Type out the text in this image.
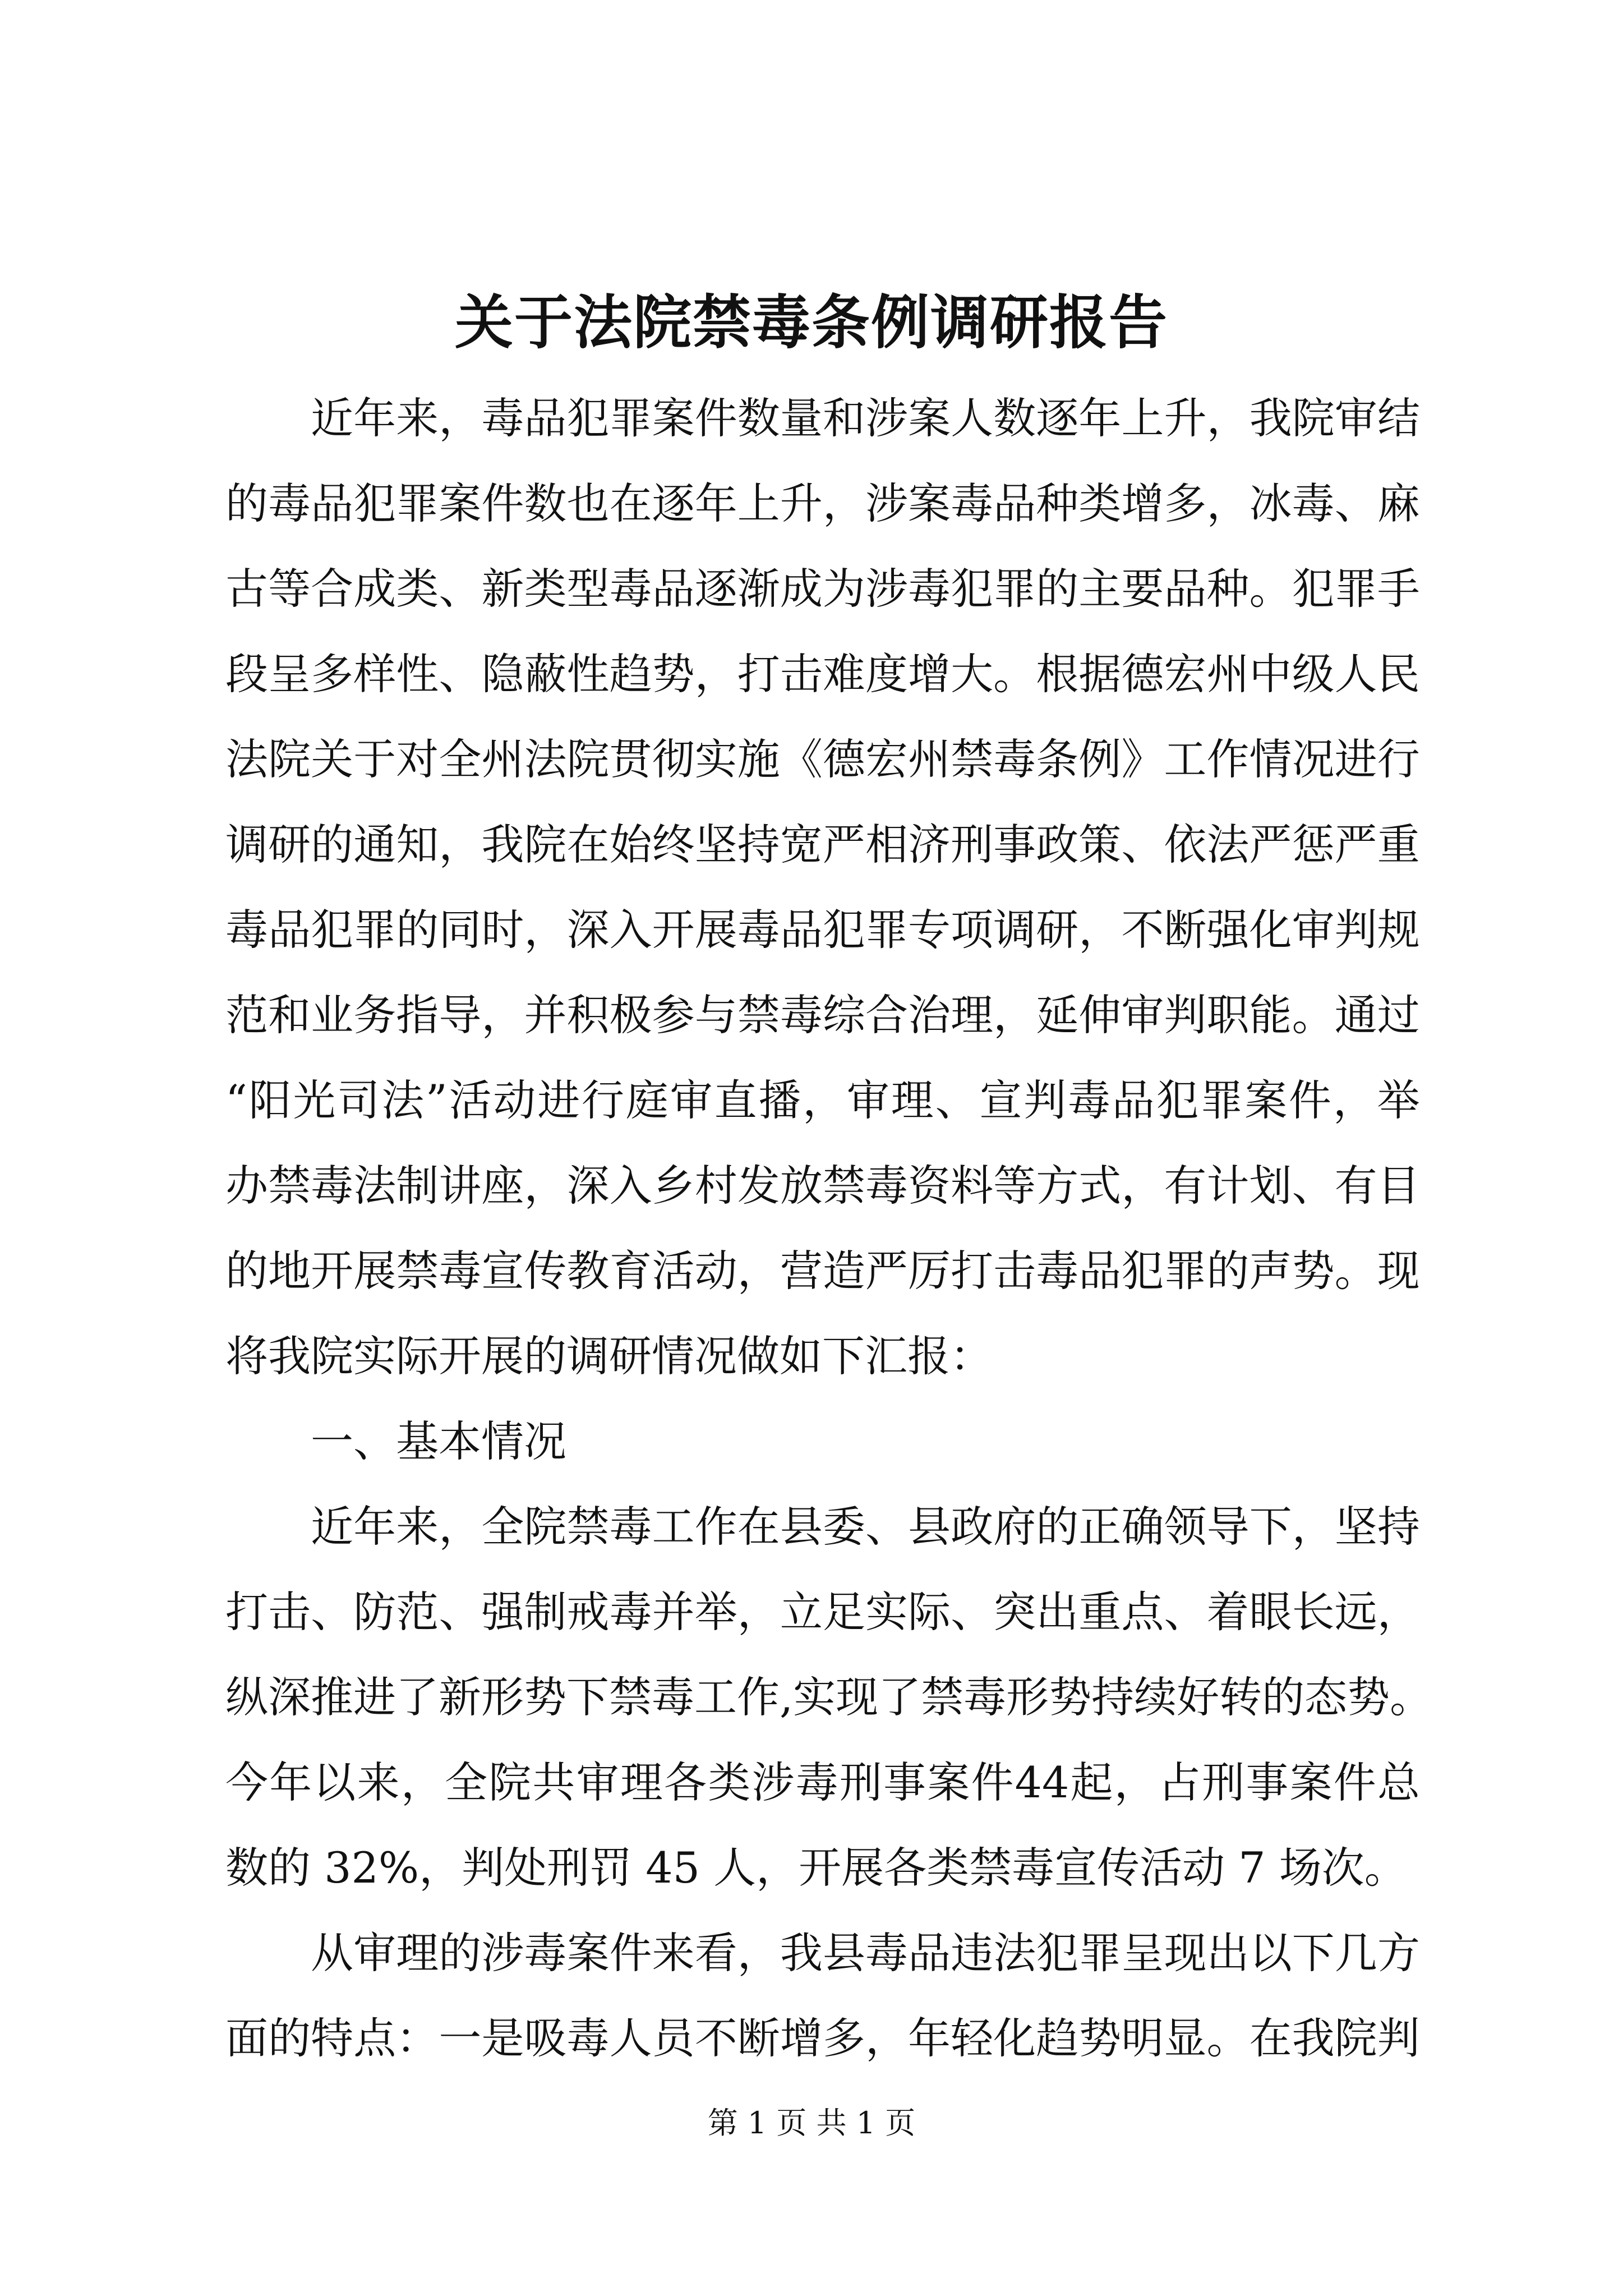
关于法院禁毒条例调研报告
近 年 来 ， 毒 品 犯 罪 案 件 数 量 和 涉 案 人 数 逐 年 上 升 ， 我 院 审 结
的 毒 品 犯 罪 案 件 数 也 在 逐 年 上 升 ， 涉 案 毒 品 种 类 增 多 ， 冰 毒 、 麻
古 等 合 成 类 、 新 类 型 毒 品 逐 渐 成 为 涉 毒 犯 罪 的 主 要 品 种 。 犯 罪 手
段 呈 多 样 性 、 隐 蔽 性 趋 势 ， 打 击 难 度 增 大 。 根 据 德 宏 州 中 级 人 民
法 院 关 于 对 全 州 法 院 贯 彻 实 施 《 德 宏 州 禁 毒 条 例 》 工 作 情 况 进 行
调 研 的 通 知 ， 我 院 在 始 终 坚 持 宽 严 相 济 刑 事 政 策 、 依 法 严 惩 严 重
毒 品 犯 罪 的 同 时 ， 深 入 开 展 毒 品 犯 罪 专 项 调 研 ， 不 断 强 化 审 判 规
范 和 业 务 指 导 ， 并 积 极 参 与 禁 毒 综 合 治 理 ， 延 伸 审 判 职 能 。 通 过
“ 阳 光 司 法 ” 活 动 进 行 庭 审 直 播 ， 审 理 、 宣 判 毒 品 犯 罪 案 件 ， 举
办 禁 毒 法 制 讲 座 ， 深 入 乡 村 发 放 禁 毒 资 料 等 方 式 ， 有 计 划 、 有 目
的 地 开 展 禁 毒 宣 传 教 育 活 动 ， 营 造 严 厉 打 击 毒 品 犯 罪 的 声 势 。 现
将我院实际开展的调研情况做如下汇报：
一、基本情况
近 年 来 ， 全 院 禁 毒 工 作 在 县 委 、 县 政 府 的 正 确 领 导 下 ， 坚 持
打 击 、 防 范 、 强 制 戒 毒 并 举 ， 立 足 实 际 、 突 出 重 点 、 着 眼 长 远 ，
纵 深 推 进 了 新 形 势 下 禁 毒 工 作 , 实 现 了 禁 毒 形 势 持 续 好 转 的 态 势 。
今 年 以 来 ， 全 院 共 审 理 各 类 涉 毒 刑 事 案 件 44 起 ， 占 刑 事 案 件 总
数的 32%，判处刑罚 45 人，开展各类禁毒宣传活动 7 场次。
从 审 理 的 涉 毒 案 件 来 看 ， 我 县 毒 品 违 法 犯 罪 呈 现 出 以 下 几 方
面 的 特 点 ： 一 是 吸 毒 人 员 不 断 增 多 ， 年 轻 化 趋 势 明 显 。 在 我 院 判
第 1 页 共 1 页
